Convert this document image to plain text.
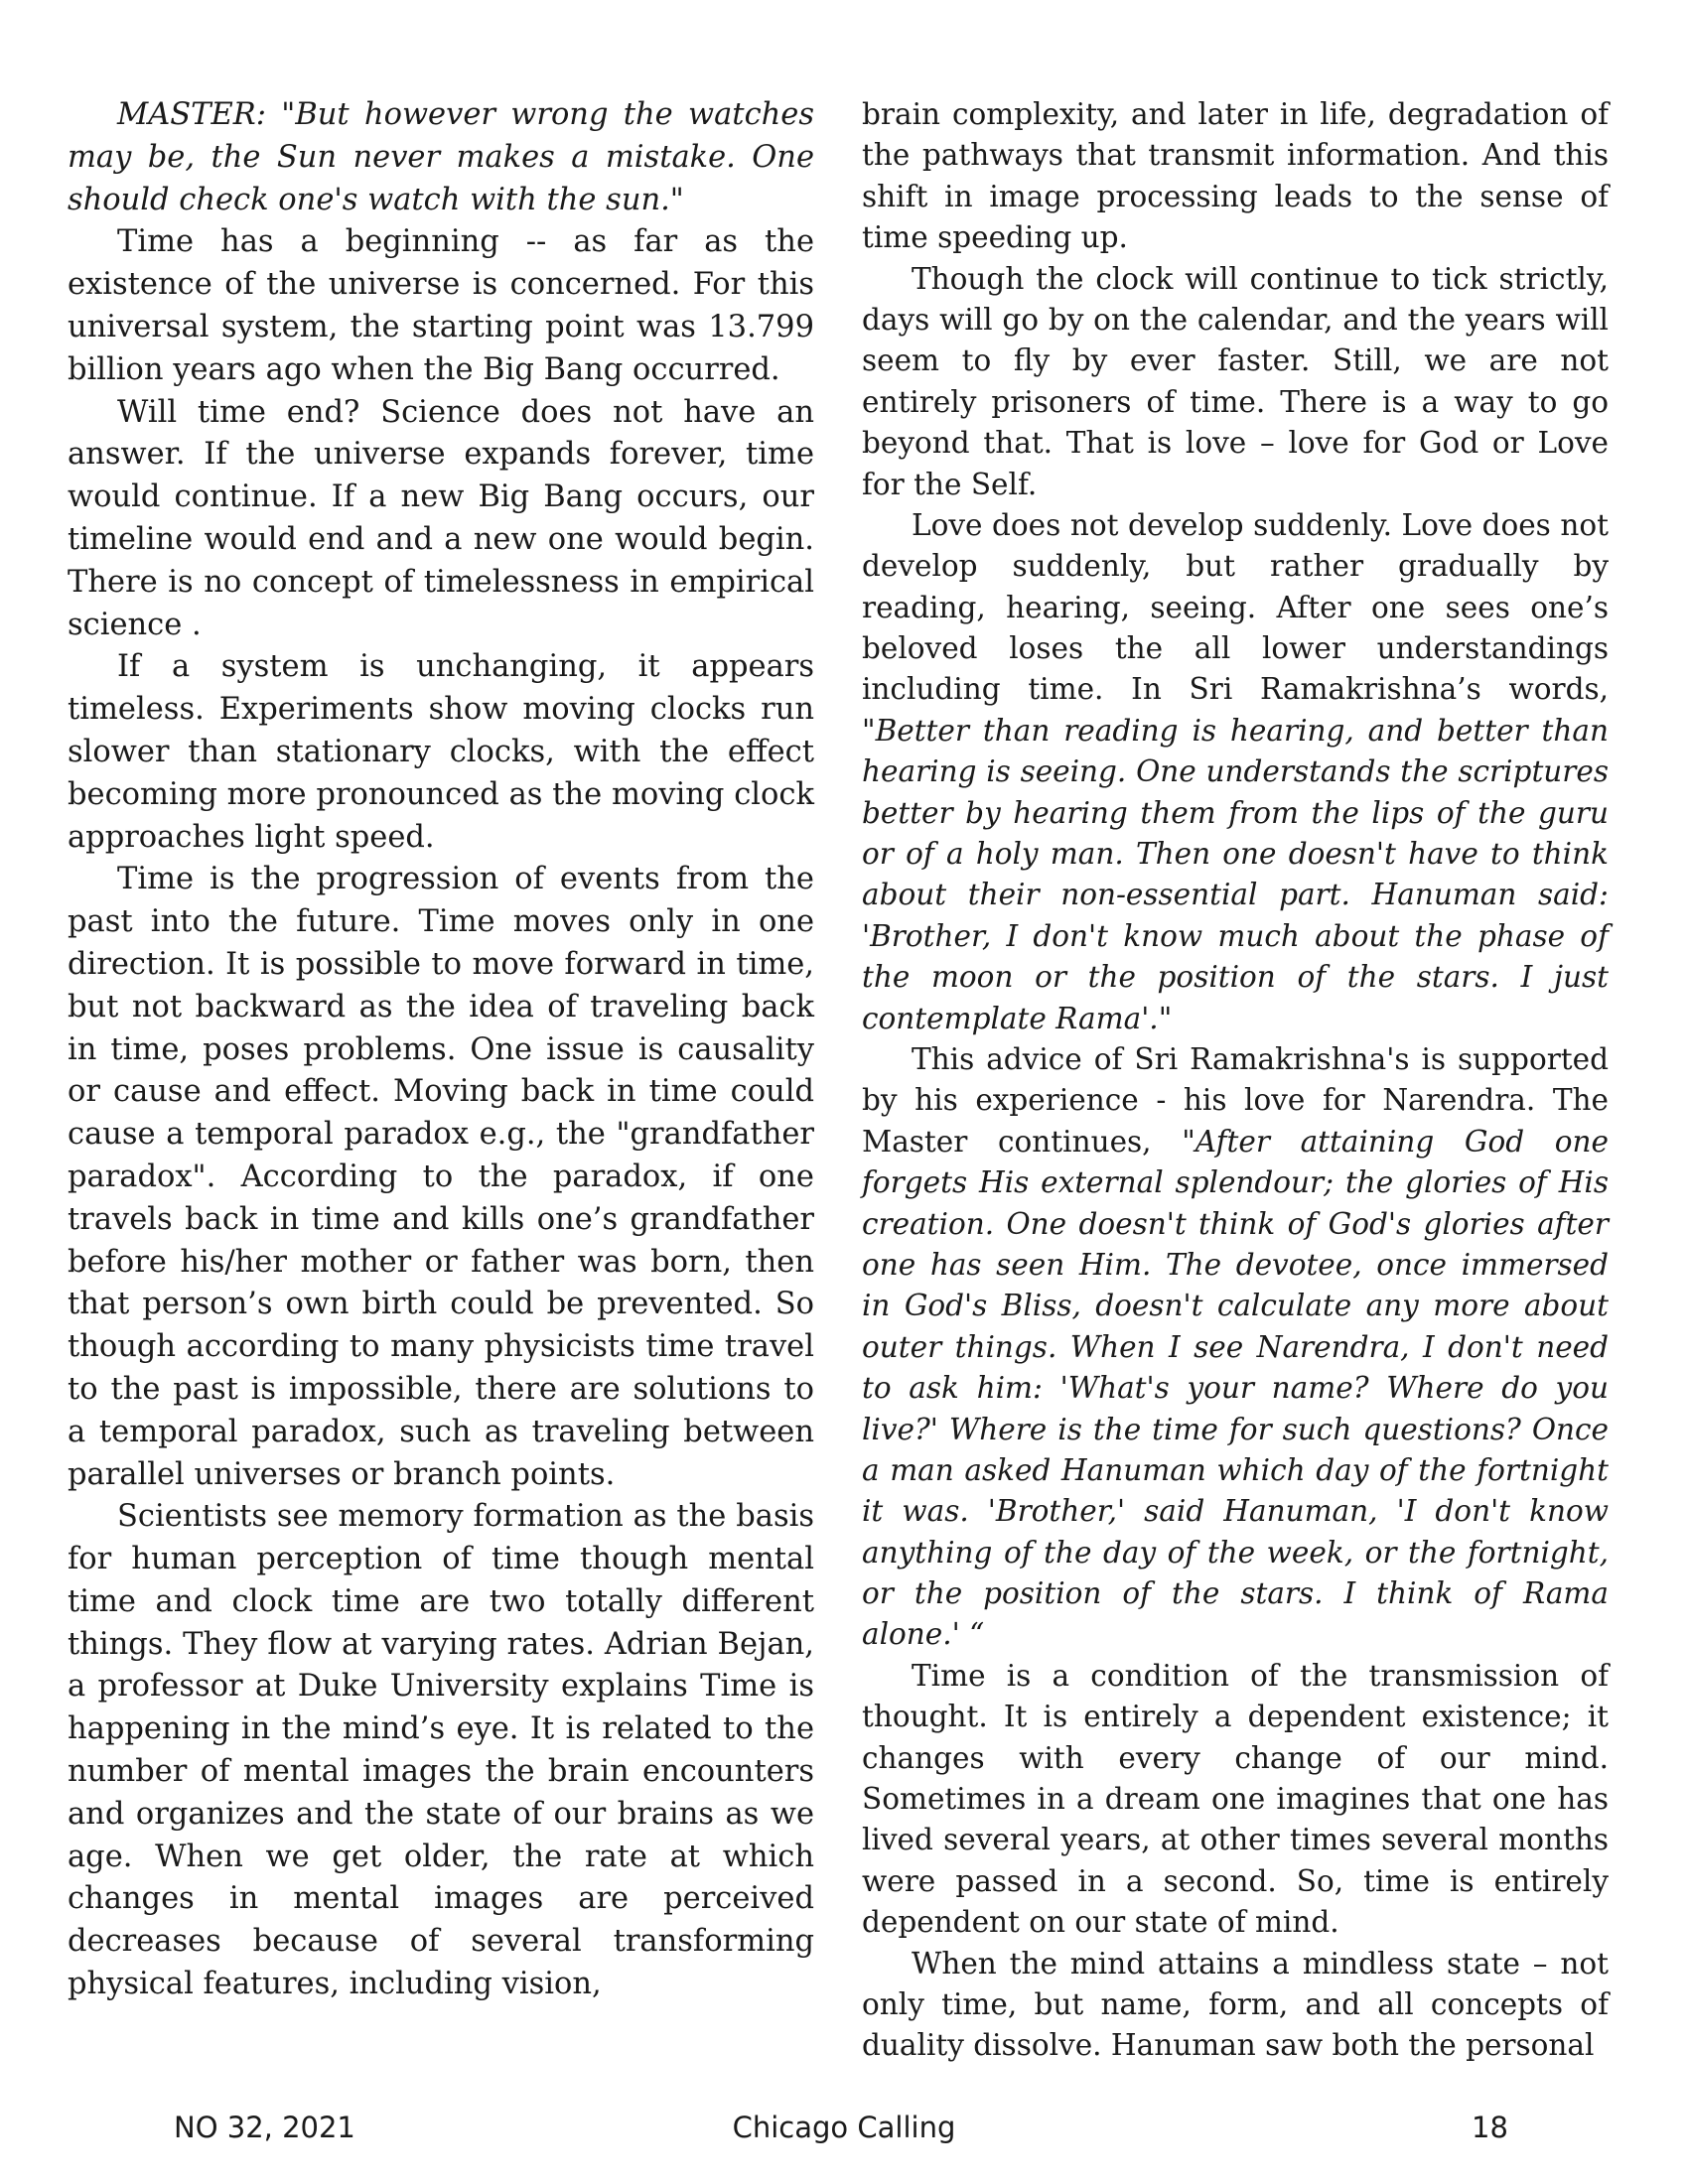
MASTER: "But however wrong the watches may be, the Sun never makes a mistake. One should check one's watch with the sun."

Time has a beginning -- as far as the existence of the universe is concerned. For this universal system, the starting point was 13.799 billion years ago when the Big Bang occurred.

Will time end? Science does not have an answer. If the universe expands forever, time would continue. If a new Big Bang occurs, our timeline would end and a new one would begin. There is no concept of timelessness in empirical science .

If a system is unchanging, it appears timeless. Experiments show moving clocks run slower than stationary clocks, with the effect becoming more pronounced as the moving clock approaches light speed.

Time is the progression of events from the past into the future. Time moves only in one direction. It is possible to move forward in time, but not backward as the idea of traveling back in time, poses problems. One issue is causality or cause and effect. Moving back in time could cause a temporal paradox e.g., the "grandfather paradox". According to the paradox, if one travels back in time and kills one’s grandfather before his/her mother or father was born, then that person’s own birth could be prevented. So though according to many physicists time travel to the past is impossible, there are solutions to a temporal paradox, such as traveling between parallel universes or branch points.

Scientists see memory formation as the basis for human perception of time though mental time and clock time are two totally different things. They flow at varying rates. Adrian Bejan, a professor at Duke University explains Time is happening in the mind’s eye. It is related to the number of mental images the brain encounters and organizes and the state of our brains as we age. When we get older, the rate at which changes in mental images are perceived decreases because of several transforming physical features, including vision,

brain complexity, and later in life, degradation of the pathways that transmit information. And this shift in image processing leads to the sense of time speeding up.

Though the clock will continue to tick strictly, days will go by on the calendar, and the years will seem to fly by ever faster. Still, we are not entirely prisoners of time. There is a way to go beyond that. That is love – love for God or Love for the Self.

Love does not develop suddenly. Love does not develop suddenly, but rather gradually by reading, hearing, seeing. After one sees one’s beloved loses the all lower understandings including time. In Sri Ramakrishna’s words, "Better than reading is hearing, and better than hearing is seeing. One understands the scriptures better by hearing them from the lips of the guru or of a holy man. Then one doesn't have to think about their non-essential part. Hanuman said: 'Brother, I don't know much about the phase of the moon or the position of the stars. I just contemplate Rama'."

This advice of Sri Ramakrishna's is supported by his experience - his love for Narendra. The Master continues, "After attaining God one forgets His external splendour; the glories of His creation. One doesn't think of God's glories after one has seen Him. The devotee, once immersed in God's Bliss, doesn't calculate any more about outer things. When I see Narendra, I don't need to ask him: 'What's your name? Where do you live?' Where is the time for such questions? Once a man asked Hanuman which day of the fortnight it was. 'Brother,' said Hanuman, 'I don't know anything of the day of the week, or the fortnight, or the position of the stars. I think of Rama alone.' “

Time is a condition of the transmission of thought. It is entirely a dependent existence; it changes with every change of our mind. Sometimes in a dream one imagines that one has lived several years, at other times several months were passed in a second. So, time is entirely dependent on our state of mind.

When the mind attains a mindless state – not only time, but name, form, and all concepts of duality dissolve. Hanuman saw both the personal

Chicago Calling
NO 32, 2021	18
